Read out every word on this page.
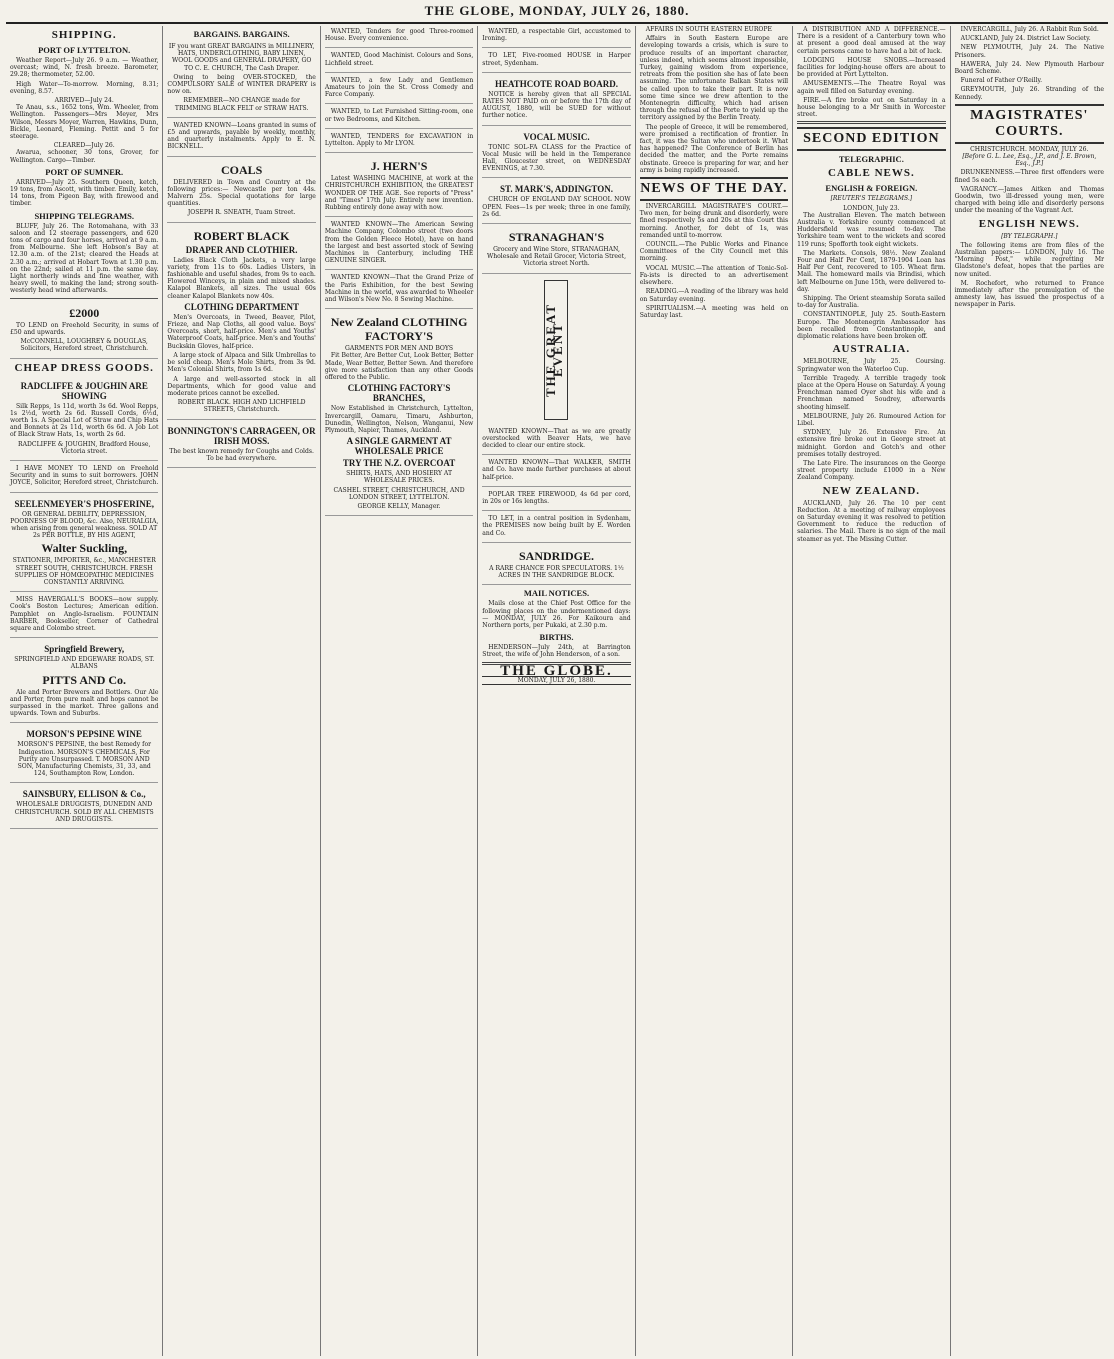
THE GLOBE, MONDAY, JULY 26, 1880.
SHIPPING.
PORT OF LYTTELTON.

Weather Report—July 26. 9 a.m. — Weather, overcast; wind, N. fresh breeze. Barometer, 29.28; thermometer, 52.00.

High Water—To-morrow. Morning, 8.31; evening, 8.57.

ARRIVED—July 24.

Te Anau, s.s., 1652 tons, Wm. Wheeler, from Wellington. Passengers—Mrs Meyer, Mrs Wilson, Messrs Moyer, Warren, Hawkins, Dunn, Bickle, Leonard, Fleming. Pettit and 5 for steerage.

CLEARED—July 26.

Awarua, schooner, 30 tons, Grover, for Wellington. Cargo—Timber.

PORT OF SUMNER.

ARRIVED—July 25. Southern Queen, ketch, 19 tons, from Ascott, with timber. Emily, ketch, 14 tons, from Pigeon Bay, with firewood and timber.

SHIPPING TELEGRAMS.

BLUFF, July 26. The Rotomahana, with 33 saloon and 12 steerage passengers, and 620 tons of cargo and four horses, arrived at 9 a.m. from Melbourne. She left Hobson's Bay at 12.30 a.m. of the 21st; cleared the Heads at 2.30 a.m.; arrived at Hobart Town at 1.30 p.m. on the 22nd; sailed at 11 p.m. the same day. Light northerly winds and fine weather, with heavy swell, to making the land; strong south-westerly head wind afterwards.

£2000

TO LEND on Freehold Security, in sums of £50 and upwards.

McCONNELL, LOUGHREY & DOUGLAS, Solicitors, Hereford street, Christchurch.

CHEAP DRESS GOODS.
RADCLIFFE & JOUGHIN ARE SHOWING

Silk Repps, 1s 11d, worth 3s 6d. Wool Repps, 1s 2½d, worth 2s 6d. Russell Cords, 6½d, worth 1s. A Special Lot of Straw and Chip Hats and Bonnets at 2s 11d, worth 6s 6d. A Job Lot of Black Straw Hats, 1s, worth 2s 6d.

RADCLIFFE & JOUGHIN, Bradford House, Victoria street.

I HAVE MONEY TO LEND on Freehold Security and in sums to suit borrowers. JOHN JOYCE, Solicitor, Hereford street, Christchurch.

SEELENMEYER'S PHOSFERINE,

OR GENERAL DEBILITY, DEPRESSION, POORNESS OF BLOOD, &c. Also, NEURALGIA, when arising from general weakness. SOLD AT 2s PER BOTTLE, BY HIS AGENT,

Walter Suckling,

STATIONER, IMPORTER, &c., MANCHESTER STREET SOUTH, CHRISTCHURCH. FRESH SUPPLIES OF HOMŒOPATHIC MEDICINES CONSTANTLY ARRIVING.

MISS HAVERGALL'S BOOKS—now supply. Cook's Boston Lectures; American edition. Pamphlet on Anglo-Israelism. FOUNTAIN BARBER, Bookseller, Corner of Cathedral square and Colombo street.

Springfield Brewery,

SPRINGFIELD AND EDGEWARE ROADS, ST. ALBANS

PITTS AND Co.

Ale and Porter Brewers and Bottlers. Our Ale and Porter, from pure malt and hops cannot be surpassed in the market. Three gallons and upwards. Town and Suburbs.

MORSON'S PEPSINE WINE

MORSON'S PEPSINE, the best Remedy for Indigestion. MORSON'S CHEMICALS, For Purity are Unsurpassed. T. MORSON AND SON, Manufacturing Chemists, 31, 33, and 124, Southampton Row, London.

SAINSBURY, ELLISON & Co.,

WHOLESALE DRUGGISTS, DUNEDIN AND CHRISTCHURCH. SOLD BY ALL CHEMISTS AND DRUGGISTS.

BARGAINS. BARGAINS.

IF you want GREAT BARGAINS in MILLINERY, HATS, UNDERCLOTHING, BABY LINEN, WOOL GOODS and GENERAL DRAPERY, GO TO C. E. CHURCH, The Cash Draper.

Owing to being OVER-STOCKED, the COMPULSORY SALE of WINTER DRAPERY is now on.

REMEMBER—NO CHANGE made for TRIMMING BLACK FELT or STRAW HATS.

WANTED KNOWN—Loans granted in sums of £5 and upwards, payable by weekly, monthly, and quarterly instalments. Apply to E. N. BICKNELL.

COALS

DELIVERED in Town and Country at the following prices:— Newcastle per ton 44s. Malvern 25s. Special quotations for large quantities.

JOSEPH R. SNEATH, Tuam Street.

ROBERT BLACK
DRAPER AND CLOTHIER.

Ladies Black Cloth Jackets, a very large variety, from 11s to 60s. Ladies Ulsters, in fashionable and useful shades, from 9s to each. Flowered Winceys, in plain and mixed shades. Kalapol Blankets, all sizes. The usual 60s cleaner Kalapol Blankets now 40s.

CLOTHING DEPARTMENT

Men's Overcoats, in Tweed, Beaver, Pilot, Frieze, and Nap Cloths, all good value. Boys' Overcoats, short, half-price. Men's and Youths' Waterproof Coats, half-price. Men's and Youths' Buckskin Gloves, half-price.

A large stock of Alpaca and Silk Umbrellas to be sold cheap. Men's Mole Shirts, from 3s 9d. Men's Colonial Shirts, from 1s 6d.

A large and well-assorted stock in all Departments, which for good value and moderate prices cannot be excelled.

ROBERT BLACK. HIGH AND LICHFIELD STREETS, Christchurch.

BONNINGTON'S CARRAGEEN, OR IRISH MOSS.

The best known remedy for Coughs and Colds. To be had everywhere.

WANTED, Tenders for good Three-roomed House. Every convenience.

WANTED, Good Machinist. Colours and Sons, Lichfield street.

WANTED, a few Lady and Gentlemen Amateurs to join the St. Cross Comedy and Farce Company.

WANTED, to Let Furnished Sitting-room, one or two Bedrooms, and Kitchen.

WANTED, TENDERS for EXCAVATION in Lyttelton. Apply to Mr LYON.

J. HERN'S

Latest WASHING MACHINE, at work at the CHRISTCHURCH EXHIBITION, the GREATEST WONDER OF THE AGE. See reports of "Press" and "Times" 17th July. Entirely new invention. Rubbing entirely done away with now.

WANTED KNOWN—The American Sewing Machine Company, Colombo street (two doors from the Golden Fleece Hotel), have on hand the largest and best assorted stock of Sewing Machines in Canterbury, including THE GENUINE SINGER.

WANTED KNOWN—That the Grand Prize of the Paris Exhibition, for the best Sewing Machine in the world, was awarded to Wheeler and Wilson's New No. 8 Sewing Machine.

New Zealand CLOTHING FACTORY'S
GARMENTS FOR MEN AND BOYS

Fit Better, Are Better Cut, Look Better, Better Made, Wear Better, Better Sewn. And therefore give more satisfaction than any other Goods offered to the Public.

CLOTHING FACTORY'S BRANCHES,

Now Established in Christchurch, Lyttelton, Invercargill, Oamaru, Timaru, Ashburton, Dunedin, Wellington, Nelson, Wanganui, New Plymouth, Napier, Thames, Auckland.

A SINGLE GARMENT AT WHOLESALE PRICE
TRY THE N.Z. OVERCOAT

SHIRTS, HATS, AND HOSIERY AT WHOLESALE PRICES.

CASHEL STREET, CHRISTCHURCH, AND LONDON STREET, LYTTELTON.

GEORGE KELLY, Manager.

WANTED, a respectable Girl, accustomed to Ironing.

TO LET, Five-roomed HOUSE in Harper street, Sydenham.

HEATHCOTE ROAD BOARD.

NOTICE is hereby given that all SPECIAL RATES NOT PAID on or before the 17th day of AUGUST, 1880, will be SUED for without further notice.

VOCAL MUSIC.

TONIC SOL-FA CLASS for the Practice of Vocal Music will be held in the Temperance Hall, Gloucester street, on WEDNESDAY EVENINGS, at 7.30.

ST. MARK'S, ADDINGTON.

CHURCH OF ENGLAND DAY SCHOOL NOW OPEN. Fees—1s per week; three in one family, 2s 6d.

STRANAGHAN'S

Grocery and Wine Store, STRANAGHAN, Wholesale and Retail Grocer, Victoria Street, Victoria street North.

THE GREAT EVENT

WANTED KNOWN—That as we are greatly overstocked with Beaver Hats, we have decided to clear our entire stock.

WANTED KNOWN—That WALKER, SMITH and Co. have made further purchases at about half-price.

POPLAR TREE FIREWOOD, 4s 6d per cord, in 20s or 16s lengths.

TO LET, in a central position in Sydenham, the PREMISES now being built by E. Worden and Co.

SANDRIDGE.

A RARE CHANCE FOR SPECULATORS. 1½ ACRES IN THE SANDRIDGE BLOCK.

MAIL NOTICES.

Mails close at the Chief Post Office for the following places on the undermentioned days:— MONDAY, JULY 26. For Kaikoura and Northern ports, per Pukaki, at 2.30 p.m.

BIRTHS.

HENDERSON—July 24th, at Barrington Street, the wife of John Henderson, of a son.

THE GLOBE.
MONDAY, JULY 26, 1880.

AFFAIRS IN SOUTH EASTERN EUROPE

Affairs in South Eastern Europe are developing towards a crisis, which is sure to produce results of an important character, unless indeed, which seems almost impossible, Turkey, gaining wisdom from experience, retreats from the position she has of late been assuming. The unfortunate Balkan States will be called upon to take their part. It is now some time since we drew attention to the Montenegrin difficulty, which had arisen through the refusal of the Porte to yield up the territory assigned by the Berlin Treaty.

The people of Greece, it will be remembered, were promised a rectification of frontier. In fact, it was the Sultan who undertook it. What has happened? The Conference of Berlin has decided the matter, and the Porte remains obstinate. Greece is preparing for war, and her army is being rapidly increased.

NEWS OF THE DAY.

INVERCARGILL MAGISTRATE'S COURT.—Two men, for being drunk and disorderly, were fined respectively 5s and 20s at this Court this morning. Another, for debt of 1s, was remanded until to-morrow.

COUNCIL.—The Public Works and Finance Committees of the City Council met this morning.

VOCAL MUSIC.—The attention of Tonic-Sol-Fa-ists is directed to an advertisement elsewhere.

READING.—A reading of the library was held on Saturday evening.

SPIRITUALISM.—A meeting was held on Saturday last.

A DISTRIBUTION AND A DIFFERENCE.—There is a resident of a Canterbury town who at present a good deal amused at the way certain persons came to have had a bit of luck.

LODGING HOUSE SNOBS.—Increased facilities for lodging-house offers are about to be provided at Port Lyttelton.

AMUSEMENTS.—The Theatre Royal was again well filled on Saturday evening.

FIRE.—A fire broke out on Saturday in a house belonging to a Mr Smith in Worcester street.

SECOND EDITION
TELEGRAPHIC.
CABLE NEWS.
ENGLISH & FOREIGN.
[REUTER'S TELEGRAMS.]
LONDON, July 23.

The Australian Eleven. The match between Australia v. Yorkshire county commenced at Huddersfield was resumed to-day. The Yorkshire team went to the wickets and scored 119 runs; Spofforth took eight wickets.

The Markets. Consols, 98½. New Zealand Four and Half Per Cent, 1879-1904 Loan has Half Per Cent, recovered to 105. Wheat firm. Mail. The homeward mails via Brindisi, which left Melbourne on June 15th, were delivered to-day.

Shipping. The Orient steamship Sorata sailed to-day for Australia.

CONSTANTINOPLE, July 25. South-Eastern Europe. The Montenegrin Ambassador has been recalled from Constantinople, and diplomatic relations have been broken off.

AUSTRALIA.

MELBOURNE, July 25. Coursing. Springwater won the Waterloo Cup.

Terrible Tragedy. A terrible tragedy took place at the Opera House on Saturday. A young Frenchman named Oyer shot his wife and a Frenchman named Soudrey, afterwards shooting himself.

MELBOURNE, July 26. Rumoured Action for Libel.

SYDNEY, July 26. Extensive Fire. An extensive fire broke out in George street at midnight. Gordon and Gotch's and other premises totally destroyed.

The Late Fire. The insurances on the George street property include £1000 in a New Zealand Company.

NEW ZEALAND.

AUCKLAND, July 26. The 10 per cent Reduction. At a meeting of railway employees on Saturday evening it was resolved to petition Government to reduce the reduction of salaries. The Mail. There is no sign of the mail steamer as yet. The Missing Cutter.

INVERCARGILL, July 26. A Rabbit Run Sold.

AUCKLAND, July 24. District Law Society.

NEW PLYMOUTH, July 24. The Native Prisoners.

HAWERA, July 24. New Plymouth Harbour Board Scheme.

Funeral of Father O'Reilly.

GREYMOUTH, July 26. Stranding of the Kennedy.

MAGISTRATES' COURTS.
CHRISTCHURCH. MONDAY, JULY 26.
[Before G. L. Lee, Esq., J.P., and J. E. Brown, Esq., J.P.]

DRUNKENNESS.—Three first offenders were fined 5s each.

VAGRANCY.—James Aitken and Thomas Goodwin, two ill-dressed young men, were charged with being idle and disorderly persons under the meaning of the Vagrant Act.

ENGLISH NEWS.
[BY TELEGRAPH.]

The following items are from files of the Australian papers:— LONDON, July 16. The "Morning Post," while regretting Mr Gladstone's defeat, hopes that the parties are now united.

M. Rochefort, who returned to France immediately after the promulgation of the amnesty law, has issued the prospectus of a newspaper in Paris.
